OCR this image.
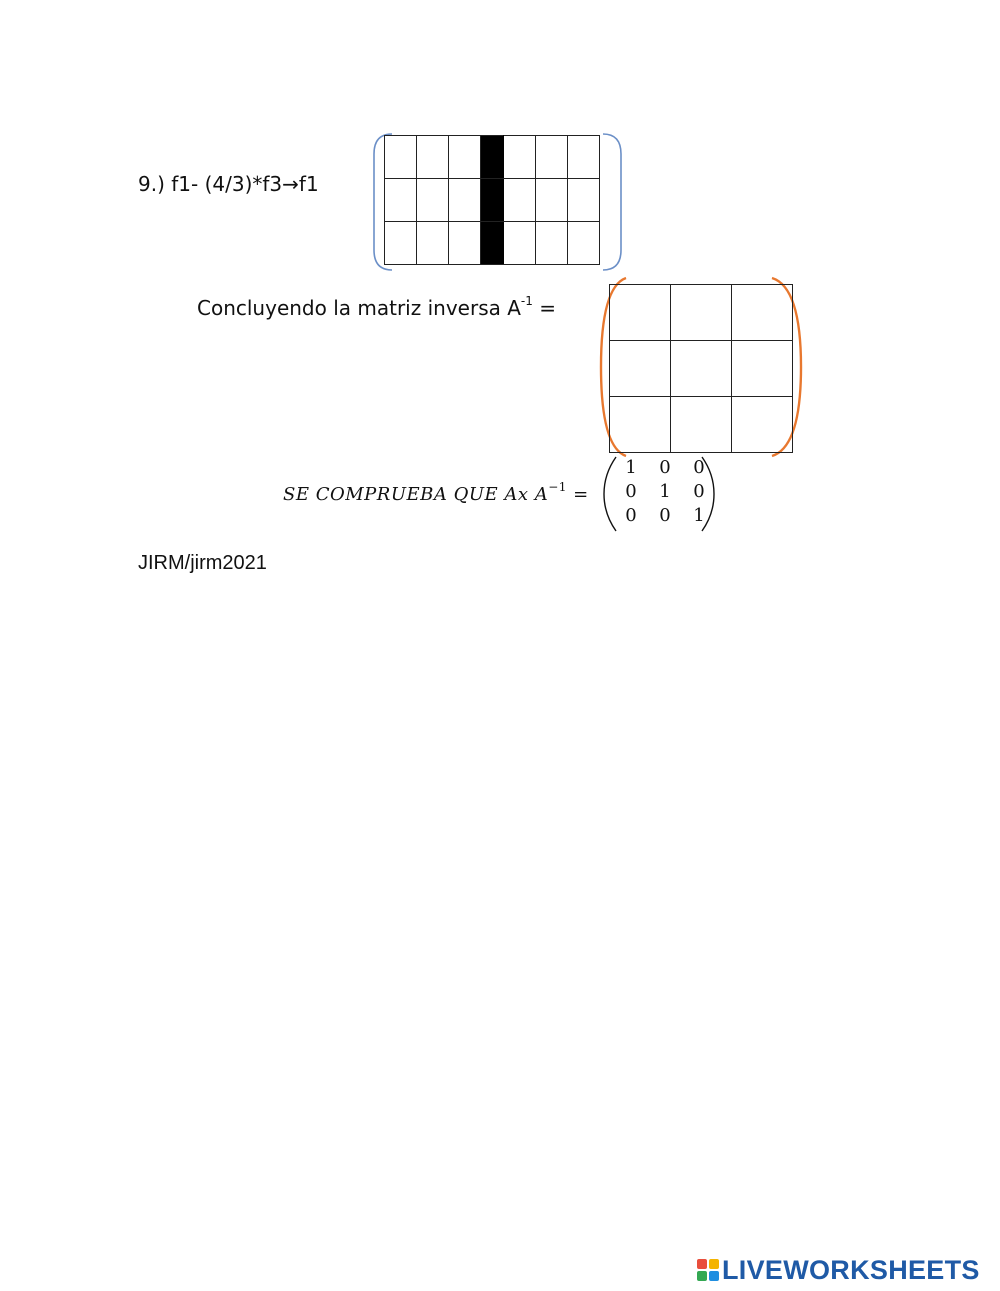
9.) f1- (4/3)*f3→f1

Concluyendo la matriz inversa $A^{-1}$ =

SE COMPRUEBA QUE Ax $A^{-1}$ =
1	0	0
0	1	0
0	0	1
JIRM/jirm2021
LIVEWORKSHEETS
